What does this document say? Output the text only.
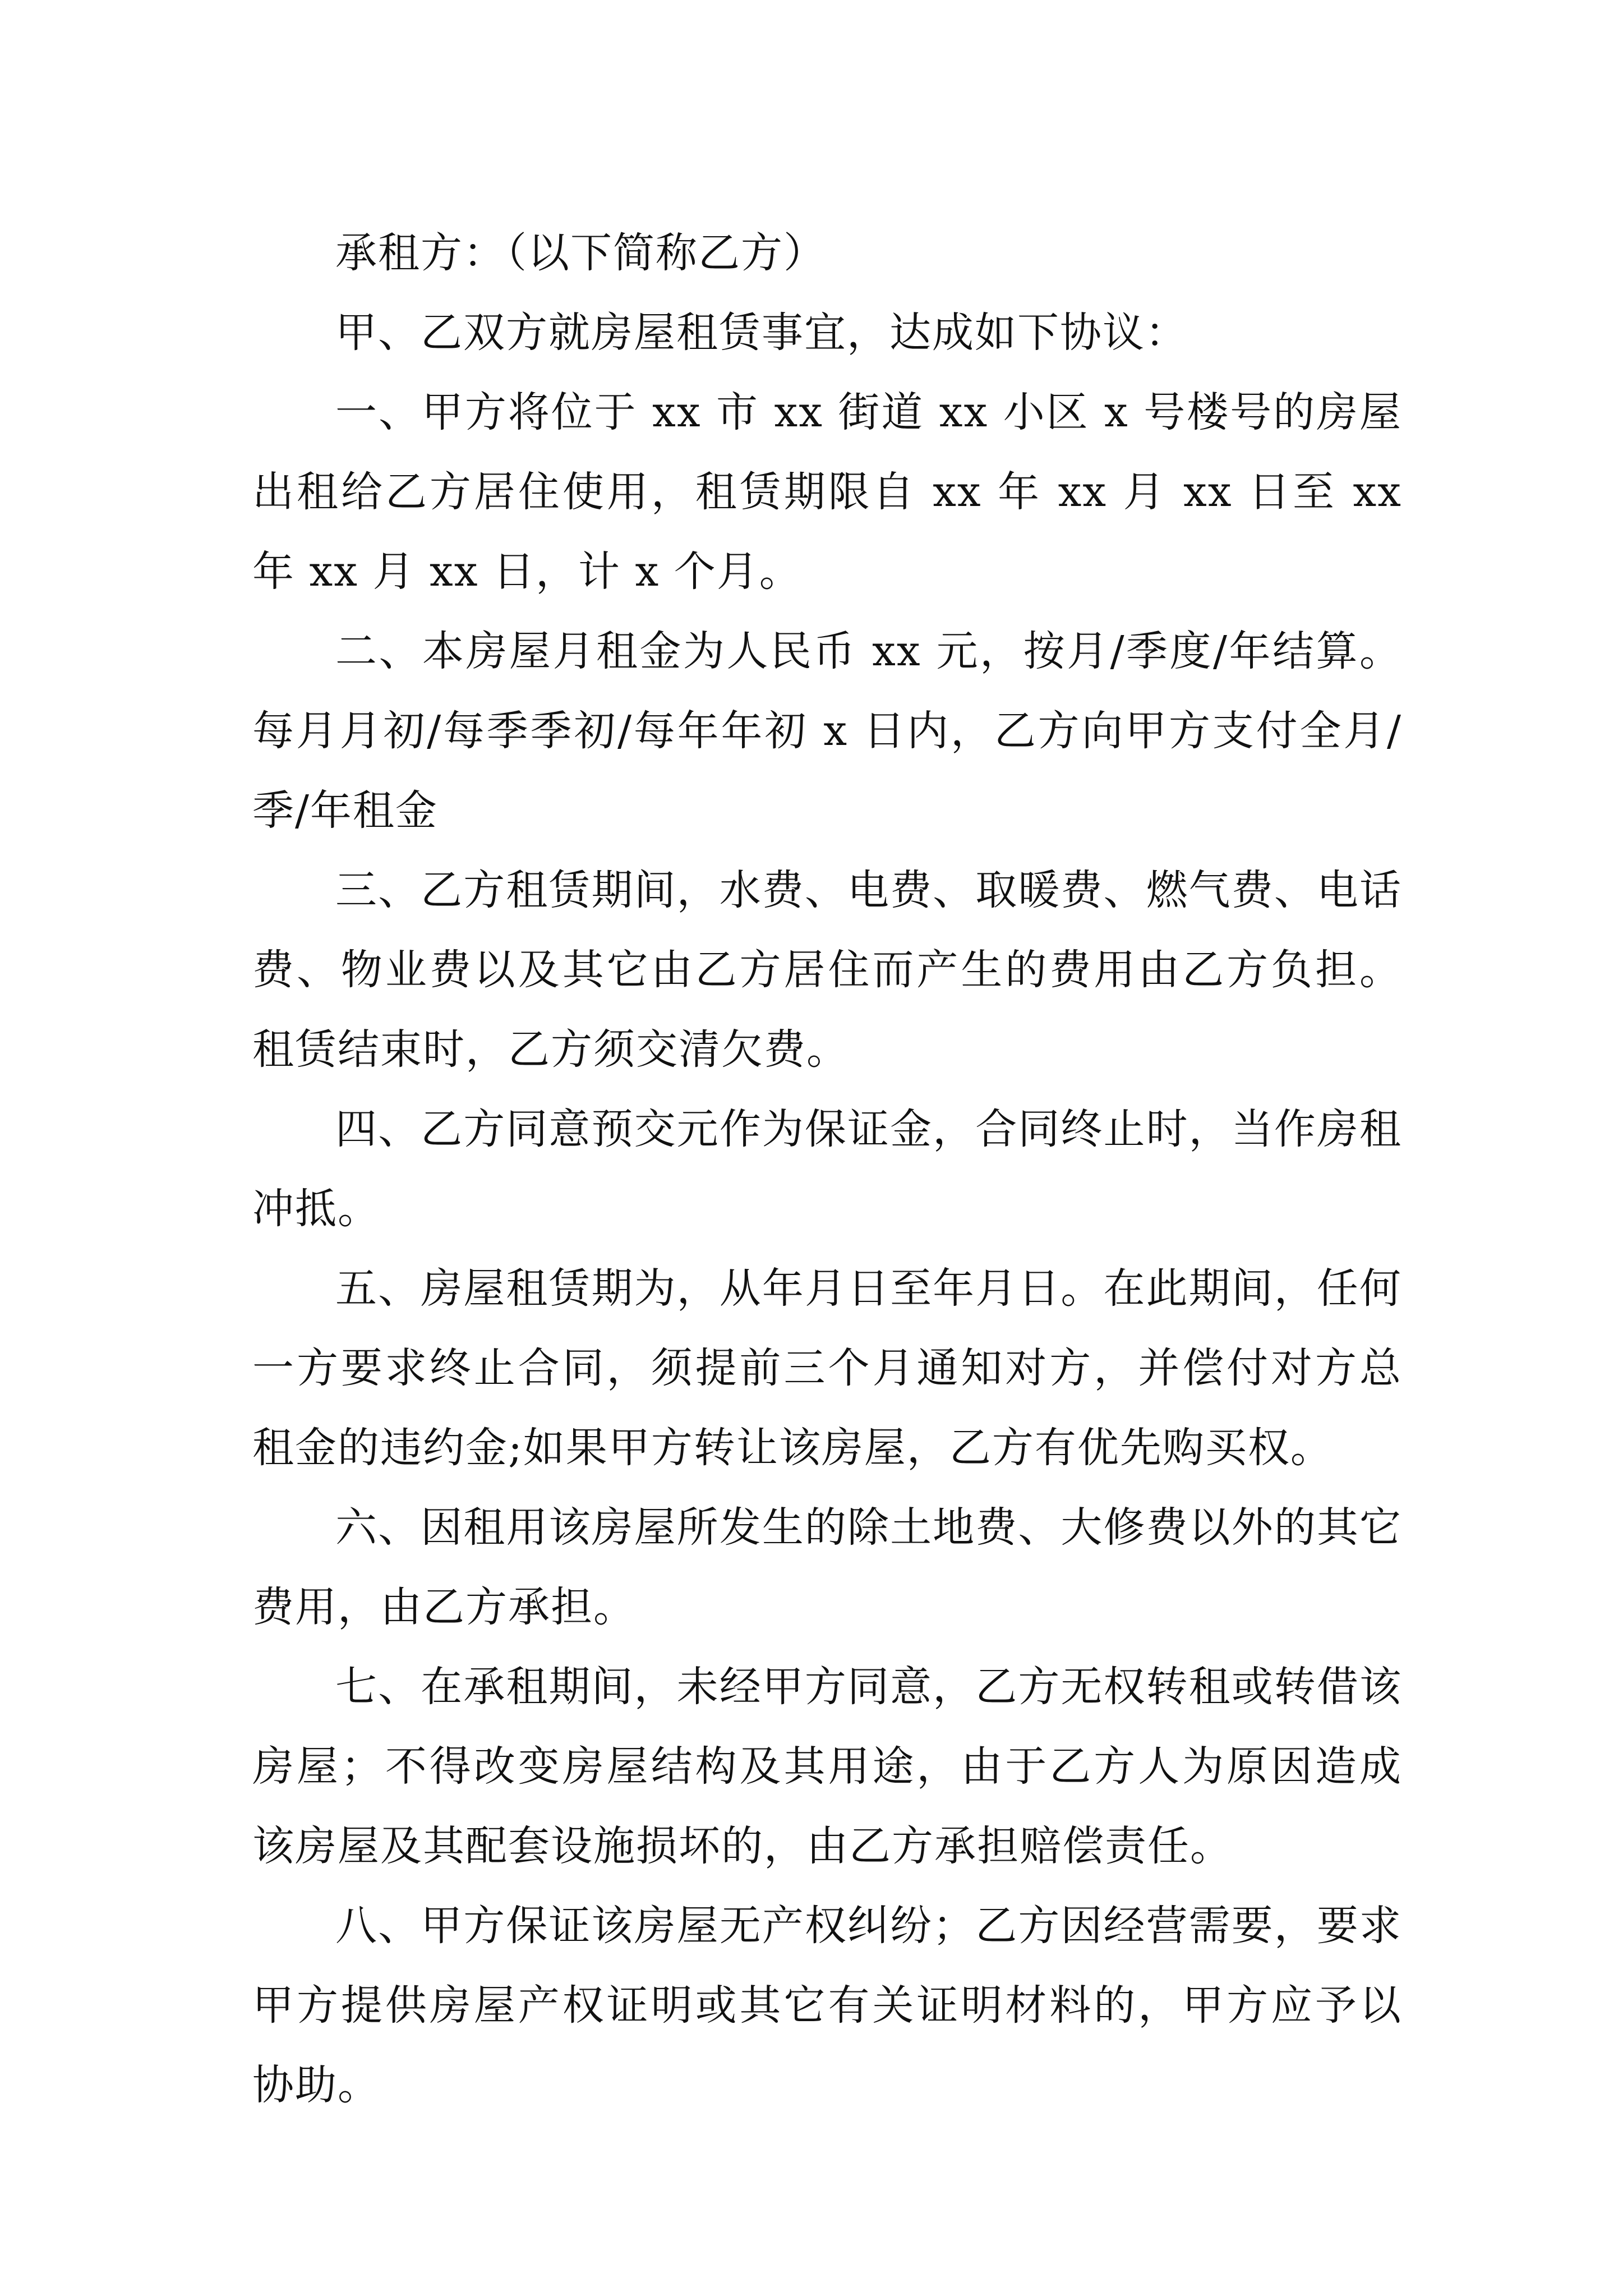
承租方：（以下简称乙方）

甲、乙双方就房屋租赁事宜，达成如下协议：

一、甲方将位于 xx 市 xx 街道 xx 小区 x 号楼号的房屋出租给乙方居住使用，租赁期限自 xx 年 xx 月 xx 日至 xx 年 xx 月 xx 日，计 x 个月。

二、本房屋月租金为人民币 xx 元，按月/季度/年结算。每月月初/每季季初/每年年初 x 日内，乙方向甲方支付全月/季/年租金

三、乙方租赁期间，水费、电费、取暖费、燃气费、电话费、物业费以及其它由乙方居住而产生的费用由乙方负担。租赁结束时，乙方须交清欠费。

四、乙方同意预交元作为保证金，合同终止时，当作房租冲抵。

五、房屋租赁期为，从年月日至年月日。在此期间，任何一方要求终止合同，须提前三个月通知对方，并偿付对方总租金的违约金;如果甲方转让该房屋，乙方有优先购买权。

六、因租用该房屋所发生的除土地费、大修费以外的其它费用，由乙方承担。

七、在承租期间，未经甲方同意，乙方无权转租或转借该房屋；不得改变房屋结构及其用途，由于乙方人为原因造成该房屋及其配套设施损坏的，由乙方承担赔偿责任。

八、甲方保证该房屋无产权纠纷；乙方因经营需要，要求甲方提供房屋产权证明或其它有关证明材料的，甲方应予以协助。
